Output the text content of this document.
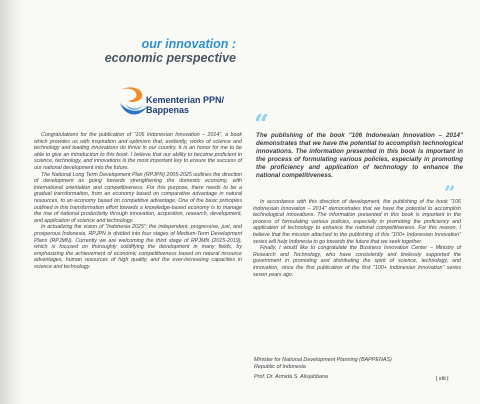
our innovation :
economic perspective
Kementerian PPN/
Bappenas

Congratulations for the publication of "106 Indonesian Innovation – 2014", a book which provides us with inspiration and optimism that, evidently, works of science and technology and leading innovations do thrive in our country. It is an honor for me to be able to give an introduction to this book. I believe that our ability to become proficient in science, technology, and innovations is the most important key to ensure the success of our national development into the future.

The National Long Term Development Plan (RPJPN) 2005-2025 outlines the direction of development as going towards strengthening the domestic economy, with international orientation and competitiveness. For this purpose, there needs to be a gradual transformation, from an economy based on comparative advantage in natural resources, to an economy based on competitive advantage. One of the basic principles outlined in this transformation effort towards a knowledge-based economy is to manage the rise of national productivity through innovation, acquisition, research, development, and application of science and technology.

In actualizing the vision of "Indonesia 2025"; the independent, progressive, just, and prosperous Indonesia, RPJPN is divided into four stages of Medium-Term Development Plans (RPJMN). Currently we are welcoming the third stage of RPJMN (2015-2019), which is focused on thoroughly solidifying the development in many fields, by emphasizing the achievement of economic competitiveness based on natural resource advantages, human resources of high quality, and the ever-increasing capacities in science and technology.

“
The publishing of the book "106 Indonesian Innovation – 2014" demonstrates that we have the potential to accomplish technological innovations. The information presented in this book is important in the process of formulating various policies, especially in promoting the proficiency and application of technology to enhance the national competitiveness.
”

In accordance with this direction of development, the publishing of the book "106 Indonesian Innovation – 2014" demonstrates that we have the potential to accomplish technological innovations. The information presented in this book is important in the process of formulating various policies, especially in promoting the proficiency and application of technology to enhance the national competitiveness. For this reason, I believe that the mission attached to the publishing of this "100+ Indonesian Innovation" series will help Indonesia to go towards the future that we seek together.

Finally, I would like to congratulate the Business Innovation Center – Ministry of Research and Technology, who have consistently and tirelessly supported the government in promoting and distributing the spirit of science, technology, and innovation, since the first publication of the first "100+ Indonesian Innovation" series seven years ago.

Minister for National Development Planning (BAPPENAS)
Republic of Indonesia
Prof. Dr. Armida S. Alisjahbana	| xiii |
